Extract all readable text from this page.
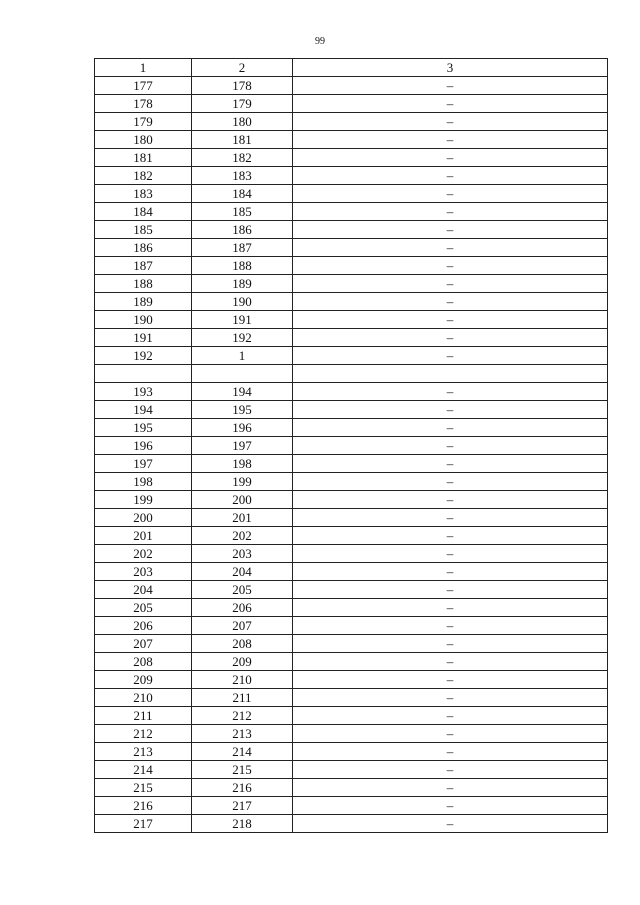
99
1	2	3
177	178	–
178	179	–
179	180	–
180	181	–
181	182	–
182	183	–
183	184	–
184	185	–
185	186	–
186	187	–
187	188	–
188	189	–
189	190	–
190	191	–
191	192	–
192	1	–

193	194	–
194	195	–
195	196	–
196	197	–
197	198	–
198	199	–
199	200	–
200	201	–
201	202	–
202	203	–
203	204	–
204	205	–
205	206	–
206	207	–
207	208	–
208	209	–
209	210	–
210	211	–
211	212	–
212	213	–
213	214	–
214	215	–
215	216	–
216	217	–
217	218	–
